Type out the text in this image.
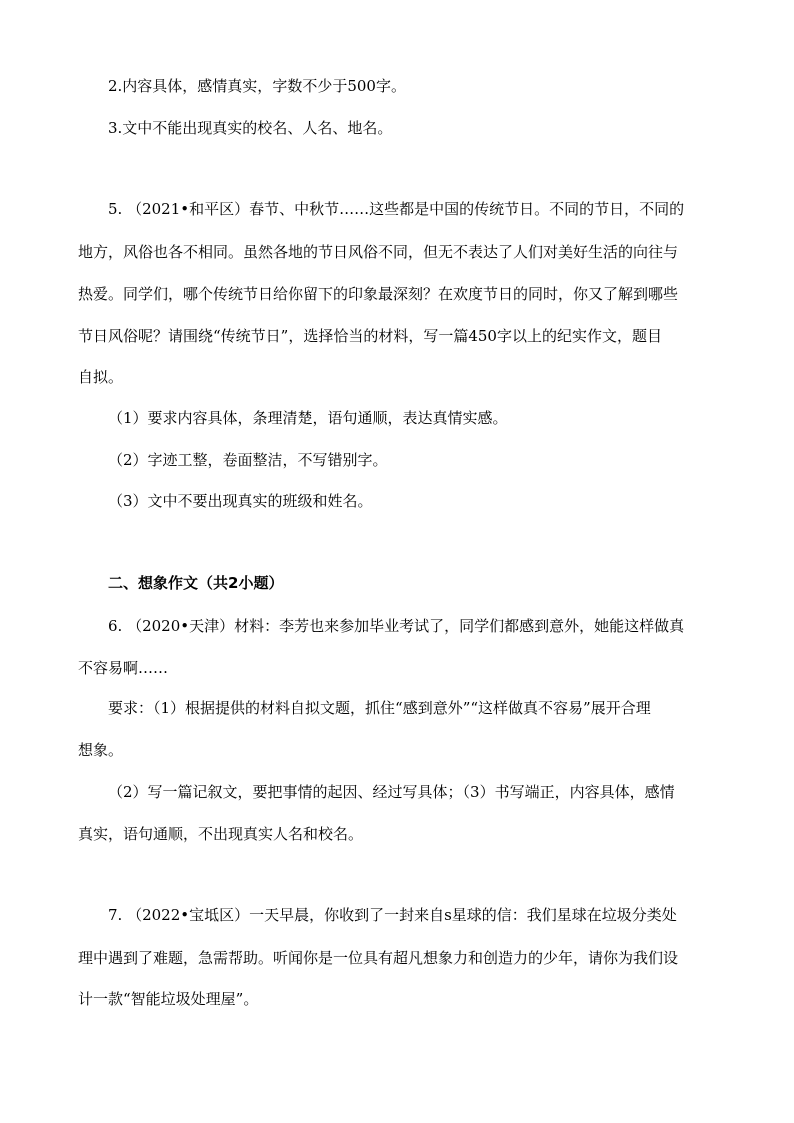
2.内容具体，感情真实，字数不少于500字。
3.文中不能出现真实的校名、人名、地名。
5. （2021•和平区）春节、中秋节……这些都是中国的传统节日。不同的节日，不同的
地方，风俗也各不相同。虽然各地的节日风俗不同，但无不表达了人们对美好生活的向往与
热爱。同学们，哪个传统节日给你留下的印象最深刻？在欢度节日的同时，你又了解到哪些
节日风俗呢？请围绕“传统节日”，选择恰当的材料，写一篇450字以上的纪实作文，题目
自拟。
（1）要求内容具体，条理清楚，语句通顺，表达真情实感。
（2）字迹工整，卷面整洁，不写错别字。
（3）文中不要出现真实的班级和姓名。
二、想象作文（共2小题）
6. （2020•天津）材料：李芳也来参加毕业考试了，同学们都感到意外，她能这样做真
不容易啊……
要求：（1）根据提供的材料自拟文题，抓住“感到意外”“这样做真不容易”展开合理
想象。
（2）写一篇记叙文，要把事情的起因、经过写具体；（3）书写端正，内容具体，感情
真实，语句通顺，不出现真实人名和校名。
7. （2022•宝坻区）一天早晨，你收到了一封来自s星球的信：我们星球在垃圾分类处
理中遇到了难题，急需帮助。听闻你是一位具有超凡想象力和创造力的少年，请你为我们设
计一款“智能垃圾处理屋”。
